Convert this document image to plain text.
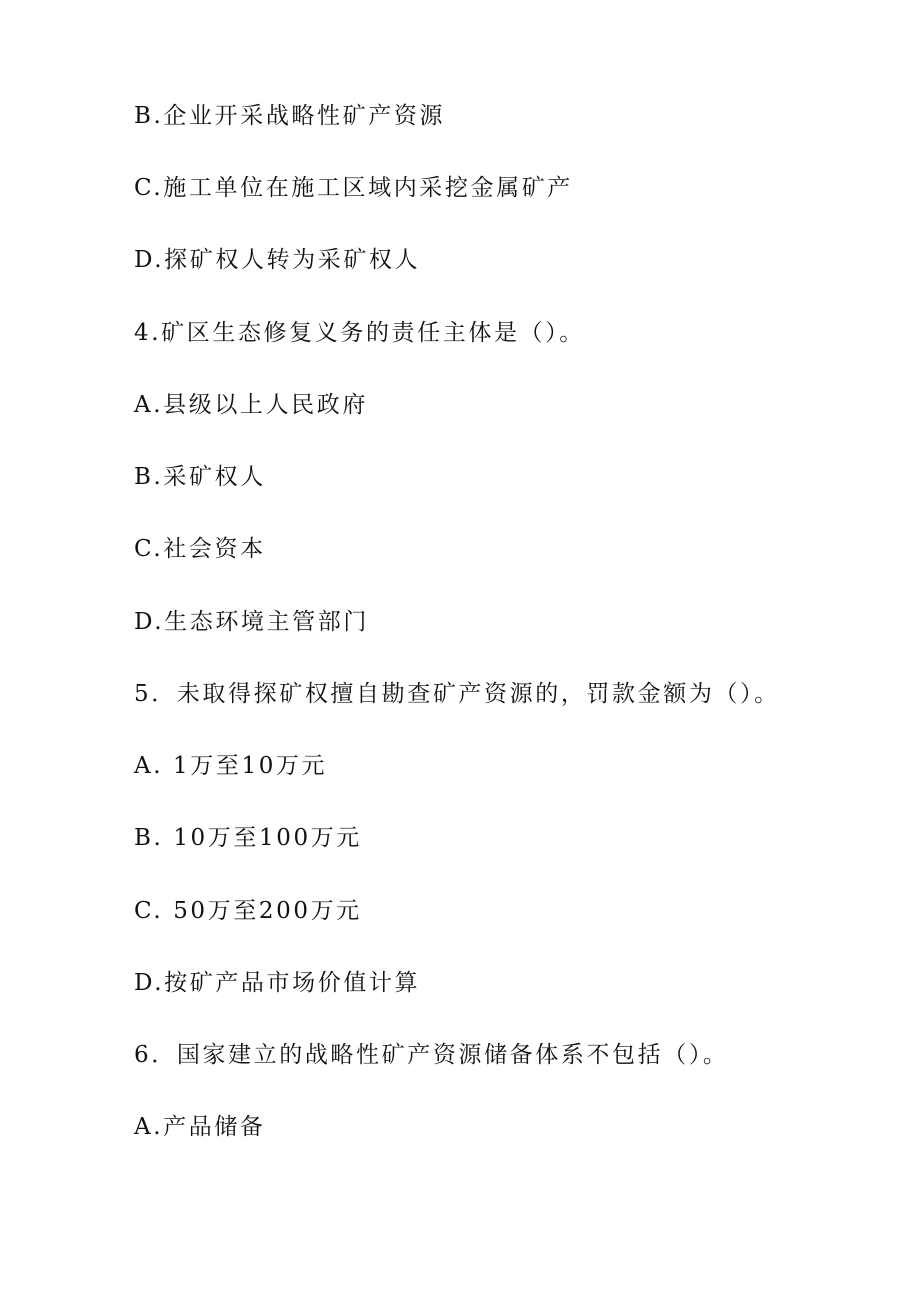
B.企业开采战略性矿产资源
C.施工单位在施工区域内采挖金属矿产
D.探矿权人转为采矿权人
4.矿区生态修复义务的责任主体是（）。
A.县级以上人民政府
B.采矿权人
C.社会资本
D.生态环境主管部门
5．未取得探矿权擅自勘查矿产资源的，罚款金额为（）。
A. 1万至10万元
B. 10万至100万元
C. 50万至200万元
D.按矿产品市场价值计算
6．国家建立的战略性矿产资源储备体系不包括（）。
A.产品储备
